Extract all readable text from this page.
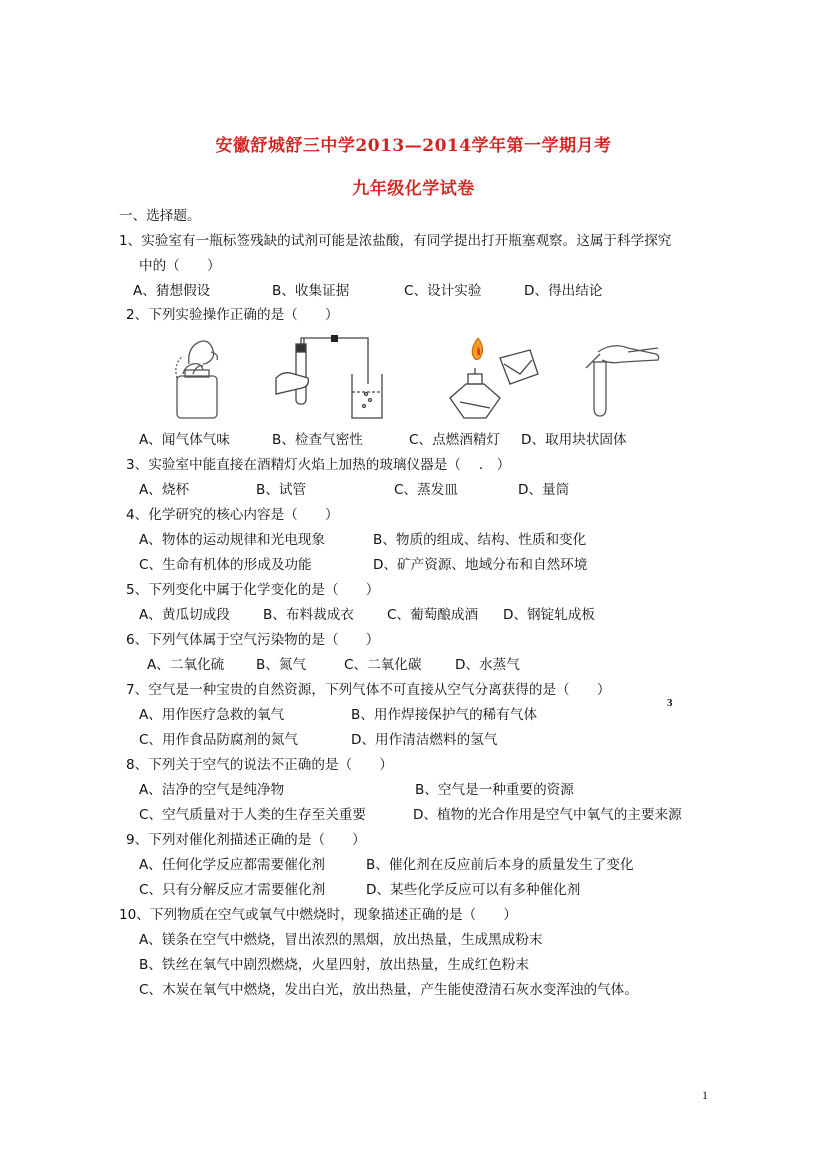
安徽舒城舒三中学2013—2014学年第一学期月考
九年级化学试卷
一、选择题。
1、实验室有一瓶标签残缺的试剂可能是浓盐酸，有同学提出打开瓶塞观察。这属于科学探究
中的（　　）
A、猜想假设	B、收集证据	C、设计实验	D、得出结论
2、下列实验操作正确的是（　　）
A、闻气体气味	B、检查气密性	C、点燃酒精灯 D、取用块状固体
3、实验室中能直接在酒精灯火焰上加热的玻璃仪器是（　 .　）
A、烧杯	B、试管	C、蒸发皿	D、量筒
4、化学研究的核心内容是（　　）
A、物体的运动规律和光电现象	B、物质的组成、结构、性质和变化
C、生命有机体的形成及功能	D、矿产资源、地域分布和自然环境
5、下列变化中属于化学变化的是（　　）
A、黄瓜切成段 B、布料裁成衣 C、葡萄酿成酒 D、钢锭轧成板
6、下列气体属于空气污染物的是（　　）
A、二氧化硫 B、氮气	C、二氧化碳 D、水蒸气
7、空气是一种宝贵的自然资源，下列气体不可直接从空气分离获得的是（　　）
A、用作医疗急救的氧气	B、用作焊接保护气的稀有气体
C、用作食品防腐剂的氮气	D、用作清洁燃料的氢气
3
8、下列关于空气的说法不正确的是（　　）
A、洁净的空气是纯净物	B、空气是一种重要的资源
C、空气质量对于人类的生存至关重要	D、植物的光合作用是空气中氧气的主要来源
9、下列对催化剂描述正确的是（　　）
A、任何化学反应都需要催化剂	B、催化剂在反应前后本身的质量发生了变化
C、只有分解反应才需要催化剂	D、某些化学反应可以有多种催化剂
10、下列物质在空气或氧气中燃烧时，现象描述正确的是（　　）
A、镁条在空气中燃烧，冒出浓烈的黑烟，放出热量，生成黑成粉末
B、铁丝在氧气中剧烈燃烧，火星四射，放出热量，生成红色粉末
C、木炭在氧气中燃烧，发出白光，放出热量，产生能使澄清石灰水变浑浊的气体。
1
